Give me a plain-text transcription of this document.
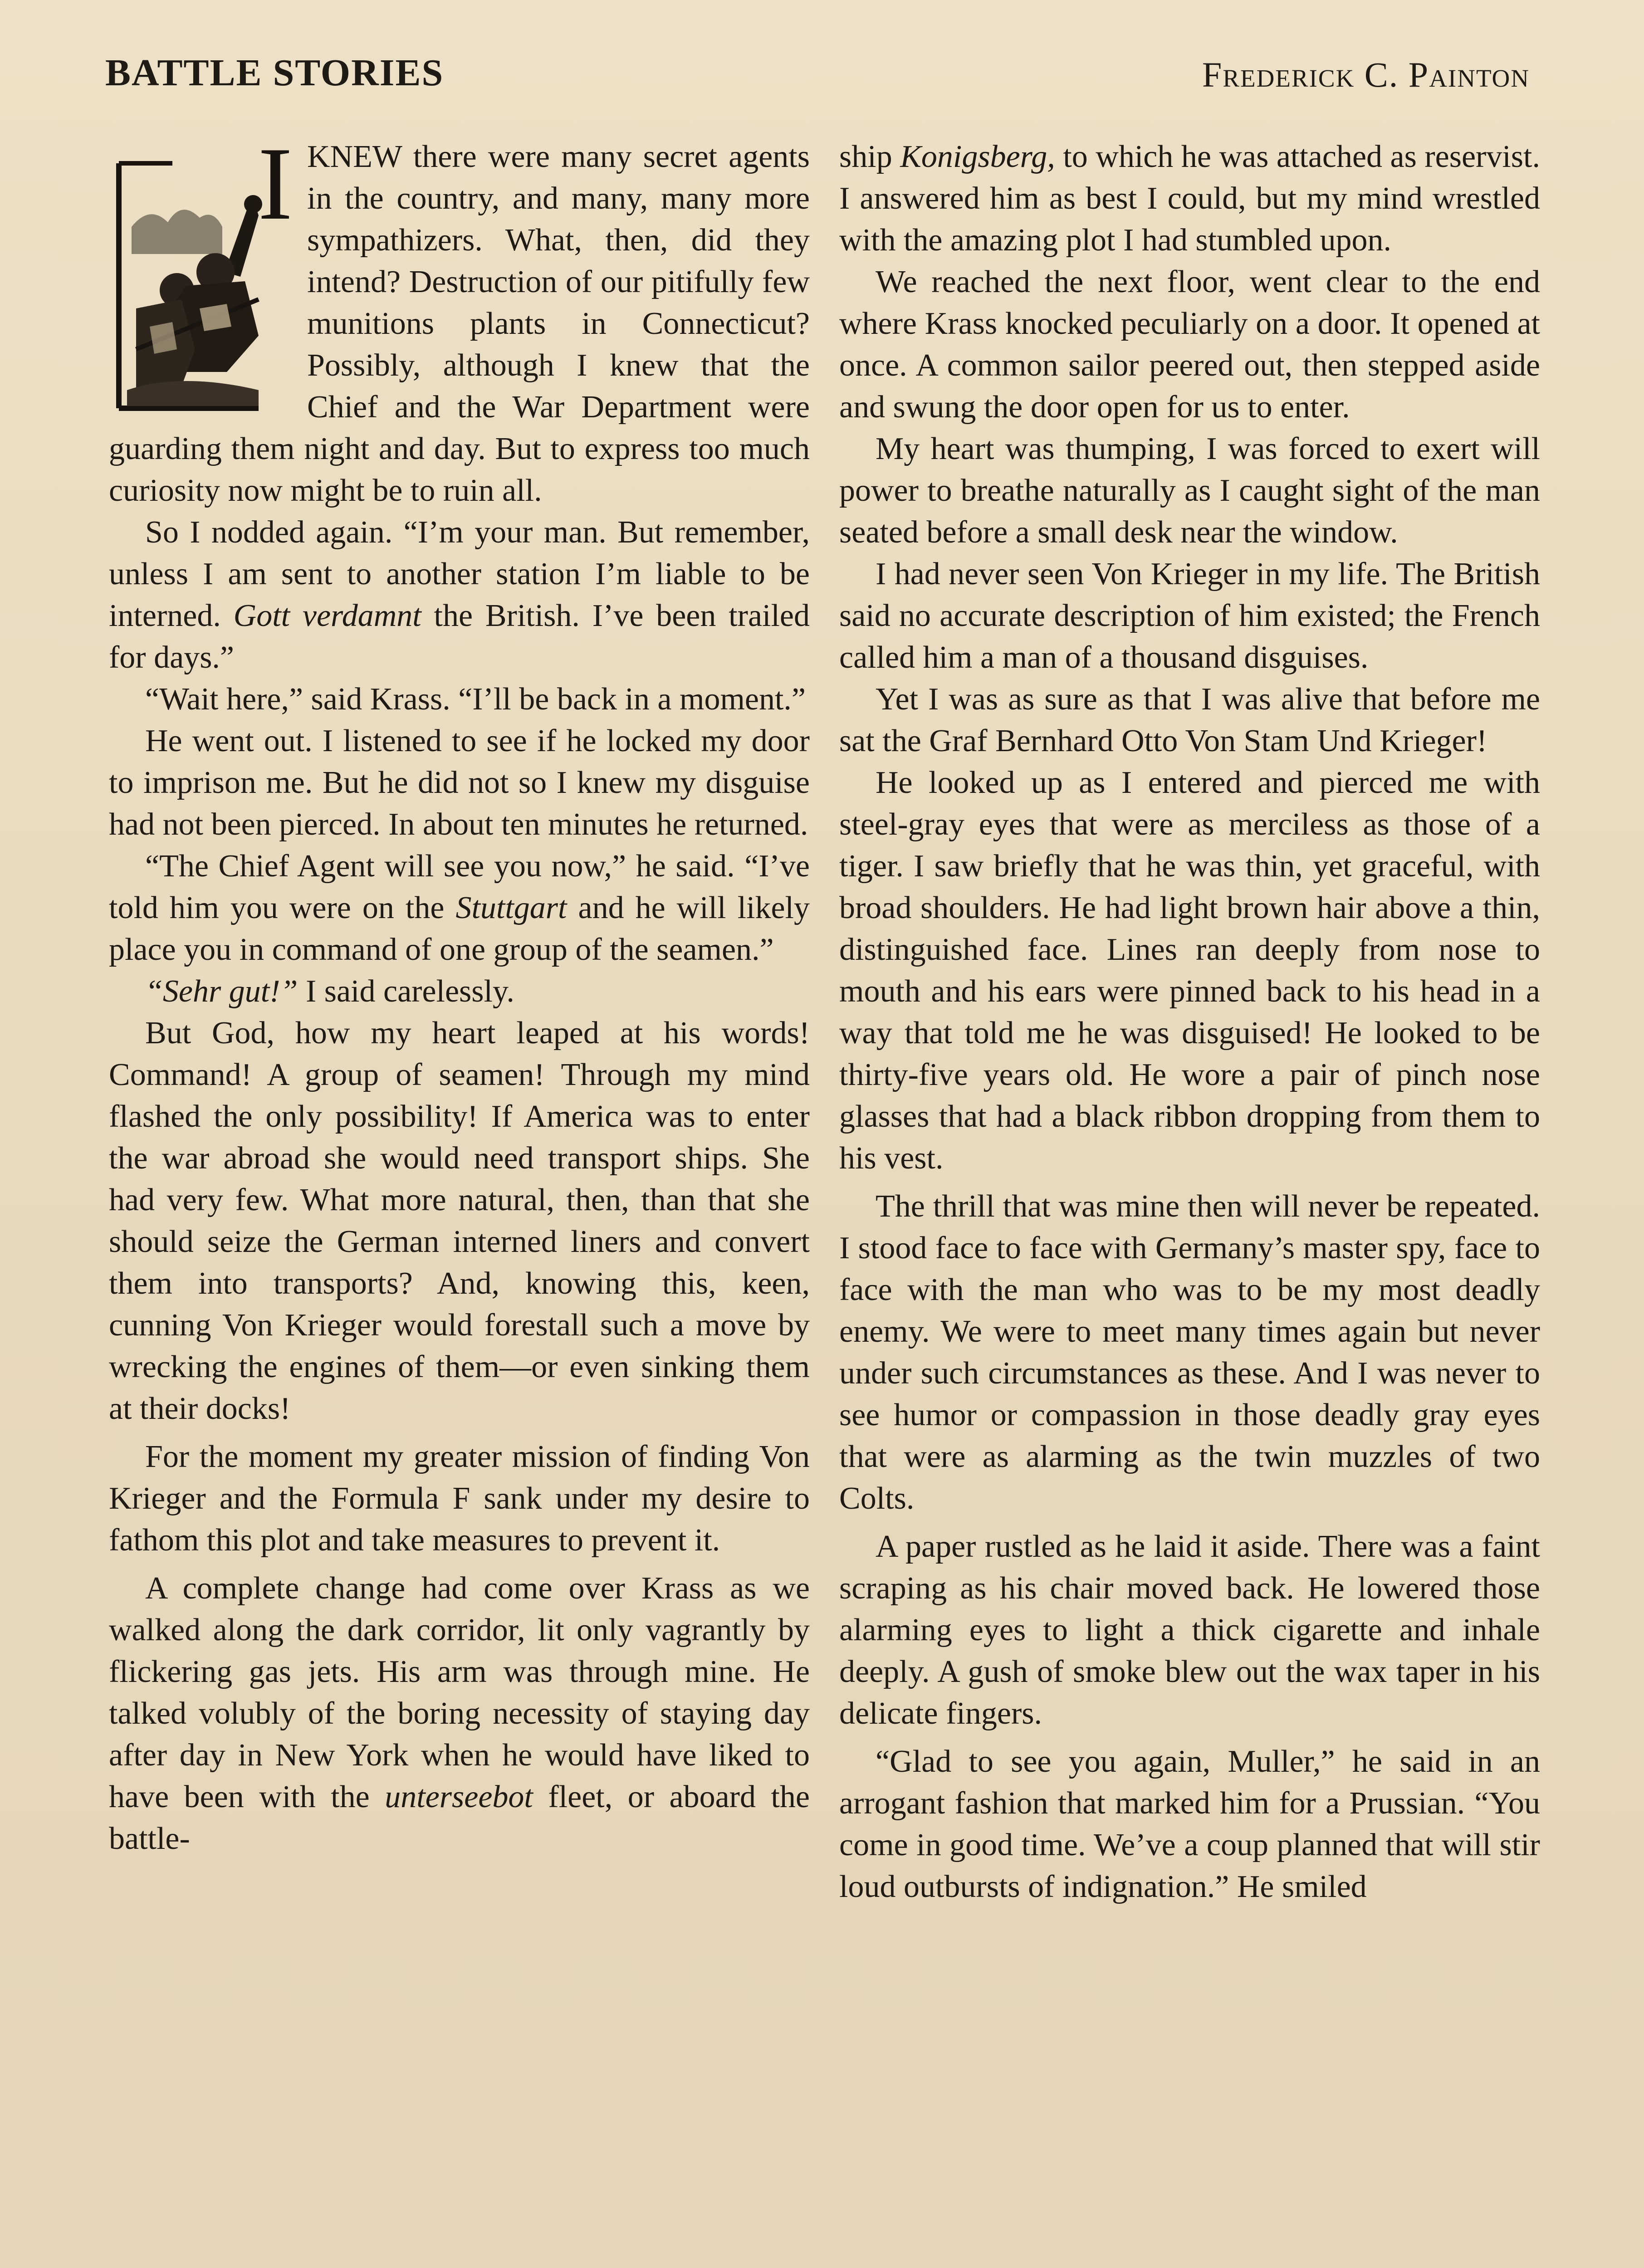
BATTLE STORIES	Frederick C. Painton
I KNEW there were many secret agents in the country, and many, many more sympathizers. What, then, did they intend? Destruction of our pitifully few munitions plants in Connecticut? Possibly, although I knew that the Chief and the War Department were guarding them night and day. But to express too much curiosity now might be to ruin all.

So I nodded again. “I’m your man. But remember, unless I am sent to another station I’m liable to be interned. Gott verdamnt the British. I’ve been trailed for days.”

“Wait here,” said Krass. “I’ll be back in a moment.”

He went out. I listened to see if he locked my door to imprison me. But he did not so I knew my disguise had not been pierced. In about ten minutes he returned.

“The Chief Agent will see you now,” he said. “I’ve told him you were on the Stuttgart and he will likely place you in command of one group of the seamen.”

“Sehr gut!” I said carelessly.

But God, how my heart leaped at his words! Command! A group of seamen! Through my mind flashed the only possibility! If America was to enter the war abroad she would need transport ships. She had very few. What more natural, then, than that she should seize the German interned liners and convert them into transports? And, knowing this, keen, cunning Von Krieger would forestall such a move by wrecking the engines of them—or even sinking them at their docks!

For the moment my greater mission of finding Von Krieger and the Formula F sank under my desire to fathom this plot and take measures to prevent it.

A complete change had come over Krass as we walked along the dark corridor, lit only vagrantly by flickering gas jets. His arm was through mine. He talked volubly of the boring necessity of staying day after day in New York when he would have liked to have been with the unterseebot fleet, or aboard the battle-

ship Konigsberg, to which he was attached as reservist. I answered him as best I could, but my mind wrestled with the amazing plot I had stumbled upon.

We reached the next floor, went clear to the end where Krass knocked peculiarly on a door. It opened at once. A common sailor peered out, then stepped aside and swung the door open for us to enter.

My heart was thumping, I was forced to exert will power to breathe naturally as I caught sight of the man seated before a small desk near the window.

I had never seen Von Krieger in my life. The British said no accurate description of him existed; the French called him a man of a thousand disguises.

Yet I was as sure as that I was alive that before me sat the Graf Bernhard Otto Von Stam Und Krieger!

He looked up as I entered and pierced me with steel-gray eyes that were as merciless as those of a tiger. I saw briefly that he was thin, yet graceful, with broad shoulders. He had light brown hair above a thin, distinguished face. Lines ran deeply from nose to mouth and his ears were pinned back to his head in a way that told me he was disguised! He looked to be thirty-five years old. He wore a pair of pinch nose glasses that had a black ribbon dropping from them to his vest.

The thrill that was mine then will never be repeated. I stood face to face with Germany’s master spy, face to face with the man who was to be my most deadly enemy. We were to meet many times again but never under such circumstances as these. And I was never to see humor or compassion in those deadly gray eyes that were as alarming as the twin muzzles of two Colts.

A paper rustled as he laid it aside. There was a faint scraping as his chair moved back. He lowered those alarming eyes to light a thick cigarette and inhale deeply. A gush of smoke blew out the wax taper in his delicate fingers.

“Glad to see you again, Muller,” he said in an arrogant fashion that marked him for a Prussian. “You come in good time. We’ve a coup planned that will stir loud outbursts of indignation.” He smiled
